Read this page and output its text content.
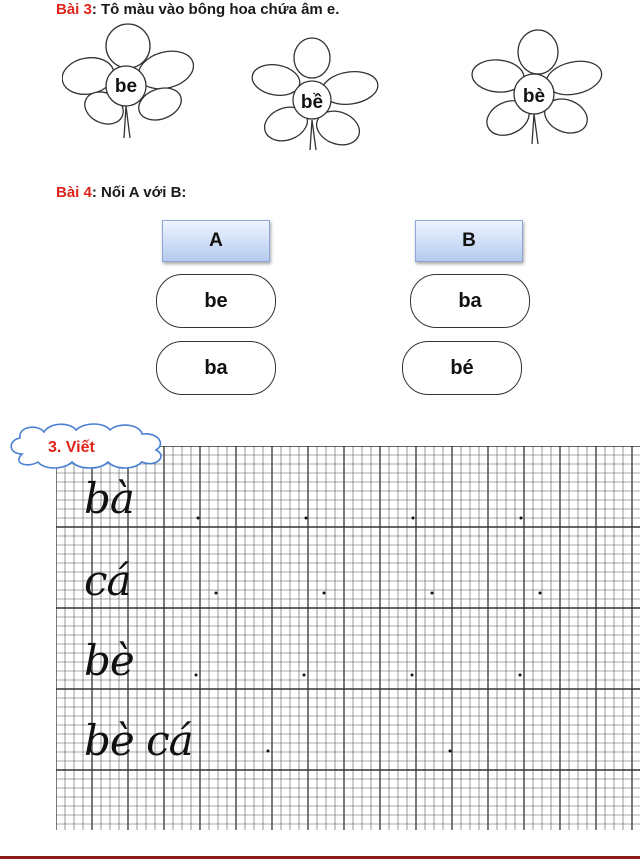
Bài 3: Tô màu vào bông hoa chứa âm e.
be
bề	bè
Bài 4: Nối A với B:
A	B
be
ba
ba
bé
3. Viết
bà
cá
bè
bè cá
